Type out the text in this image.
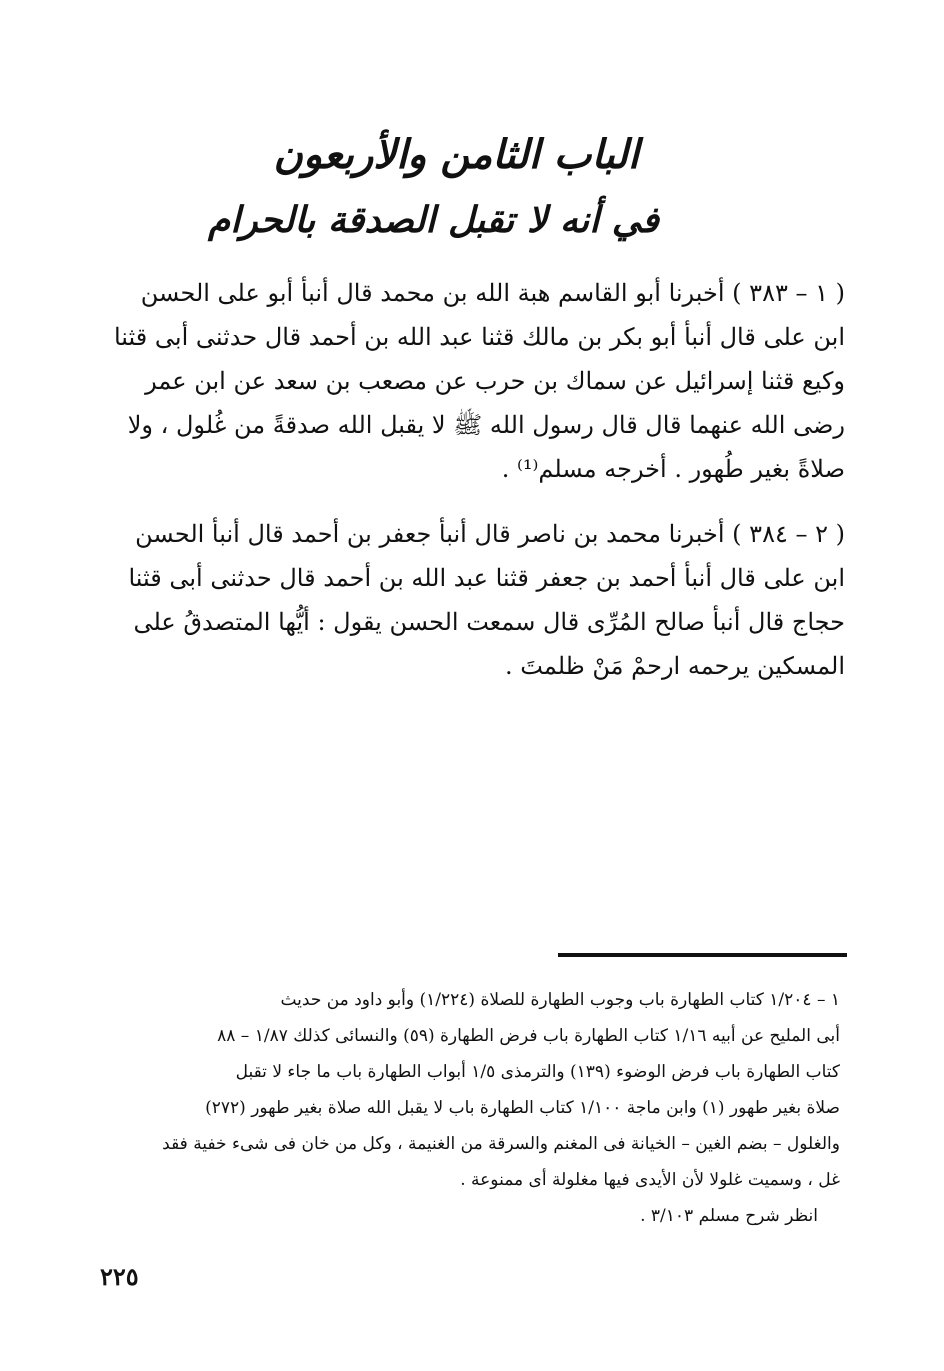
الباب الثامن والأربعون
في أنه لا تقبل الصدقة بالحرام
( ١ – ٣٨٣ ) أخبرنا أبو القاسم هبة الله بن محمد قال أنبأ أبو على الحسن
ابن على قال أنبأ أبو بكر بن مالك قثنا عبد الله بن أحمد قال حدثنى أبى قثنا
وكيع قثنا إسرائيل عن سماك بن حرب عن مصعب بن سعد عن ابن عمر
رضى الله عنهما قال قال رسول الله ﷺ لا يقبل الله صدقةً من غُلول ، ولا
صلاةً بغير طُهور . أخرجه مسلم⁽¹⁾ .
( ٢ – ٣٨٤ ) أخبرنا محمد بن ناصر قال أنبأ جعفر بن أحمد قال أنبأ الحسن
ابن على قال أنبأ أحمد بن جعفر قثنا عبد الله بن أحمد قال حدثنى أبى قثنا
حجاج قال أنبأ صالح المُرِّى قال سمعت الحسن يقول : أيُّها المتصدقُ على
المسكين يرحمه ارحمْ مَنْ ظلمتَ .
١ – ١/٢٠٤ كتاب الطهارة باب وجوب الطهارة للصلاة (١/٢٢٤) وأبو داود من حديث
أبى المليح عن أبيه ١/١٦ كتاب الطهارة باب فرض الطهارة (٥٩) والنسائى كذلك ١/٨٧ – ٨٨
كتاب الطهارة باب فرض الوضوء (١٣٩) والترمذى ١/٥ أبواب الطهارة باب ما جاء لا تقبل
صلاة بغير طهور (١) وابن ماجة ١/١٠٠ كتاب الطهارة باب لا يقبل الله صلاة بغير طهور (٢٧٢)
والغلول – بضم الغين – الخيانة فى المغنم والسرقة من الغنيمة ، وكل من خان فى شىء خفية فقد
غل ، وسميت غلولا لأن الأيدى فيها مغلولة أى ممنوعة .
انظر شرح مسلم ٣/١٠٣ .
٢٢٥
